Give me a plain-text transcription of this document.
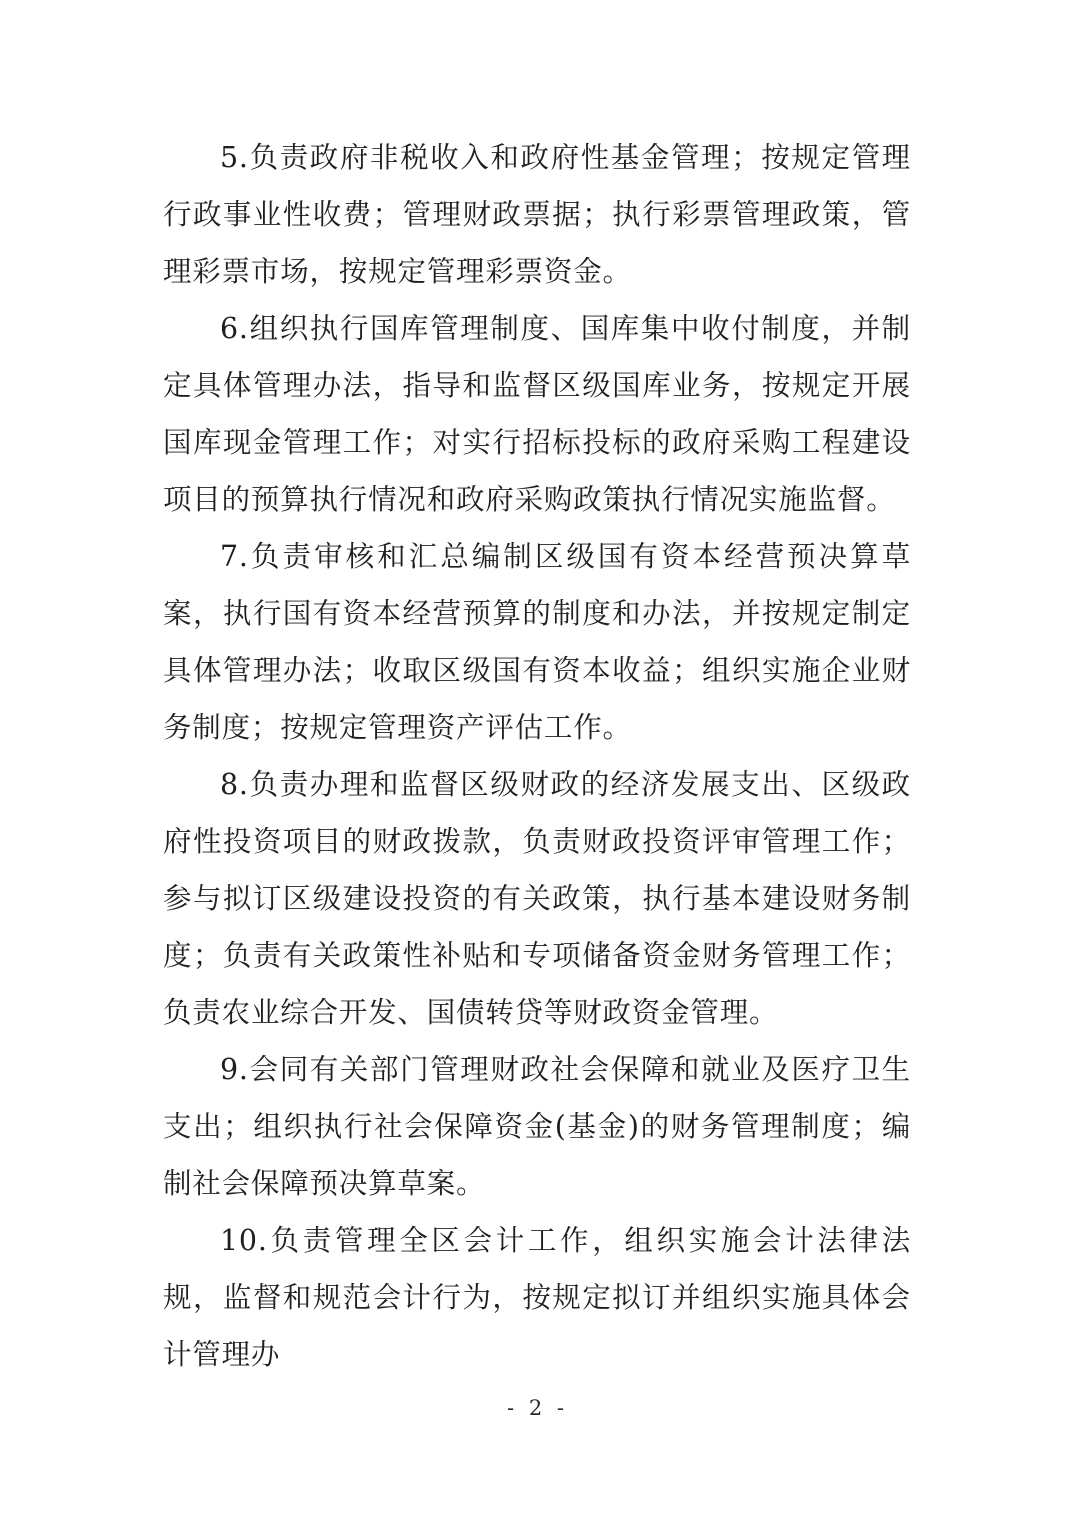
5.负责政府非税收入和政府性基金管理；按规定管理行政事业性收费；管理财政票据；执行彩票管理政策，管理彩票市场，按规定管理彩票资金。

6.组织执行国库管理制度、国库集中收付制度，并制定具体管理办法，指导和监督区级国库业务，按规定开展国库现金管理工作；对实行招标投标的政府采购工程建设项目的预算执行情况和政府采购政策执行情况实施监督。

7.负责审核和汇总编制区级国有资本经营预决算草案，执行国有资本经营预算的制度和办法，并按规定制定具体管理办法；收取区级国有资本收益；组织实施企业财务制度；按规定管理资产评估工作。

8.负责办理和监督区级财政的经济发展支出、区级政府性投资项目的财政拨款，负责财政投资评审管理工作；参与拟订区级建设投资的有关政策，执行基本建设财务制度；负责有关政策性补贴和专项储备资金财务管理工作；负责农业综合开发、国债转贷等财政资金管理。

9.会同有关部门管理财政社会保障和就业及医疗卫生支出；组织执行社会保障资金(基金)的财务管理制度；编制社会保障预决算草案。

10.负责管理全区会计工作，组织实施会计法律法规，监督和规范会计行为，按规定拟订并组织实施具体会计管理办

- 2 -
